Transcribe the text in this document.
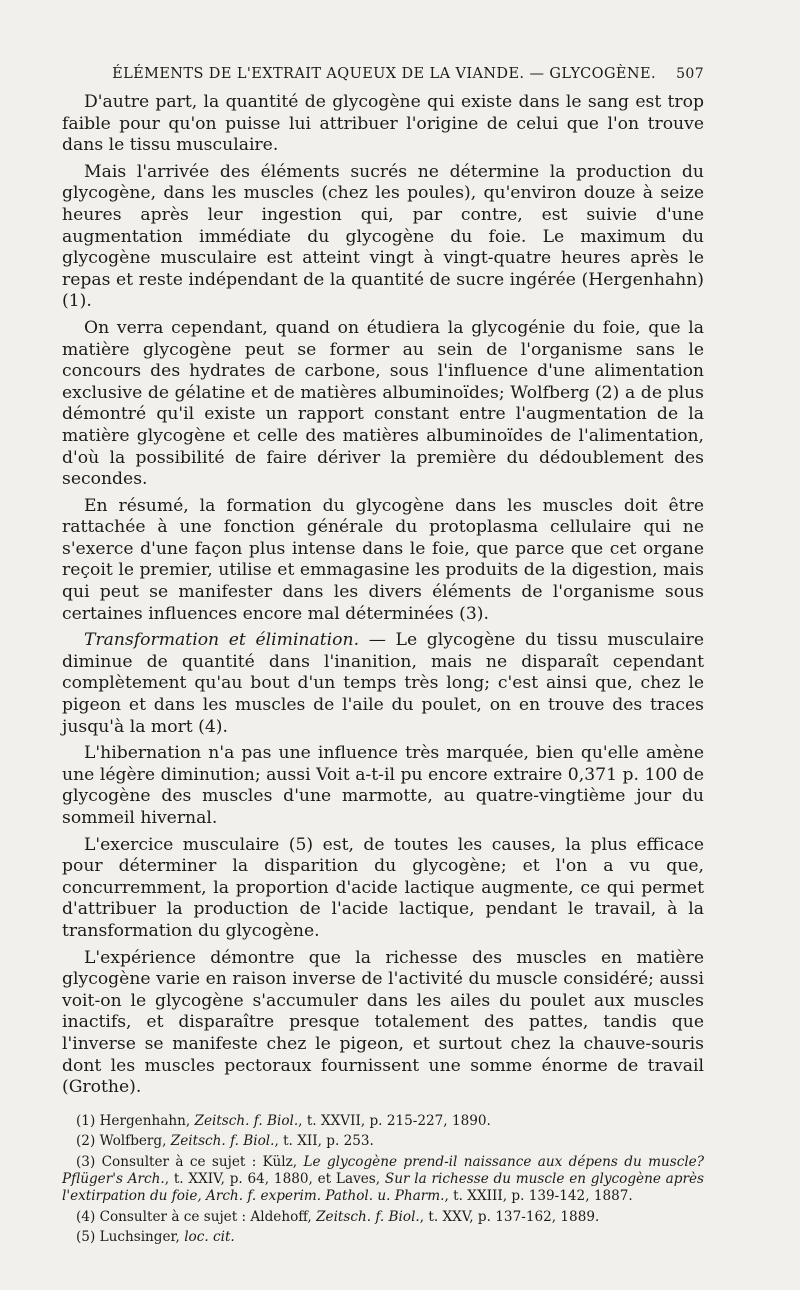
ÉLÉMENTS DE L'EXTRAIT AQUEUX DE LA VIANDE. — GLYCOGÈNE.	507

D'autre part, la quantité de glycogène qui existe dans le sang est trop faible pour qu'on puisse lui attribuer l'origine de celui que l'on trouve dans le tissu musculaire.

Mais l'arrivée des éléments sucrés ne détermine la production du glycogène, dans les muscles (chez les poules), qu'environ douze à seize heures après leur ingestion qui, par contre, est suivie d'une augmentation immédiate du glycogène du foie. Le maximum du glycogène musculaire est atteint vingt à vingt-quatre heures après le repas et reste indépendant de la quantité de sucre ingérée (Hergenhahn) (1).

On verra cependant, quand on étudiera la glycogénie du foie, que la matière glycogène peut se former au sein de l'organisme sans le concours des hydrates de carbone, sous l'influence d'une alimentation exclusive de gélatine et de matières albuminoïdes; Wolfberg (2) a de plus démontré qu'il existe un rapport constant entre l'augmentation de la matière glycogène et celle des matières albuminoïdes de l'alimentation, d'où la possibilité de faire dériver la première du dédoublement des secondes.

En résumé, la formation du glycogène dans les muscles doit être rattachée à une fonction générale du protoplasma cellulaire qui ne s'exerce d'une façon plus intense dans le foie, que parce que cet organe reçoit le premier, utilise et emmagasine les produits de la digestion, mais qui peut se manifester dans les divers éléments de l'organisme sous certaines influences encore mal déterminées (3).

Transformation et élimination. — Le glycogène du tissu musculaire diminue de quantité dans l'inanition, mais ne disparaît cependant complètement qu'au bout d'un temps très long; c'est ainsi que, chez le pigeon et dans les muscles de l'aile du poulet, on en trouve des traces jusqu'à la mort (4).

L'hibernation n'a pas une influence très marquée, bien qu'elle amène une légère diminution; aussi Voit a-t-il pu encore extraire 0,371 p. 100 de glycogène des muscles d'une marmotte, au quatre-vingtième jour du sommeil hivernal.

L'exercice musculaire (5) est, de toutes les causes, la plus efficace pour déterminer la disparition du glycogène; et l'on a vu que, concurremment, la proportion d'acide lactique augmente, ce qui permet d'attribuer la production de l'acide lactique, pendant le travail, à la transformation du glycogène.

L'expérience démontre que la richesse des muscles en matière glycogène varie en raison inverse de l'activité du muscle considéré; aussi voit-on le glycogène s'accumuler dans les ailes du poulet aux muscles inactifs, et disparaître presque totalement des pattes, tandis que l'inverse se manifeste chez le pigeon, et surtout chez la chauve-souris dont les muscles pectoraux fournissent une somme énorme de travail (Grothe).

(1) Hergenhahn, Zeitsch. f. Biol., t. XXVII, p. 215-227, 1890.

(2) Wolfberg, Zeitsch. f. Biol., t. XII, p. 253.

(3) Consulter à ce sujet : Külz, Le glycogène prend-il naissance aux dépens du muscle? Pflüger's Arch., t. XXIV, p. 64, 1880, et Laves, Sur la richesse du muscle en glycogène après l'extirpation du foie, Arch. f. experim. Pathol. u. Pharm., t. XXIII, p. 139-142, 1887.

(4) Consulter à ce sujet : Aldehoff, Zeitsch. f. Biol., t. XXV, p. 137-162, 1889.

(5) Luchsinger, loc. cit.
